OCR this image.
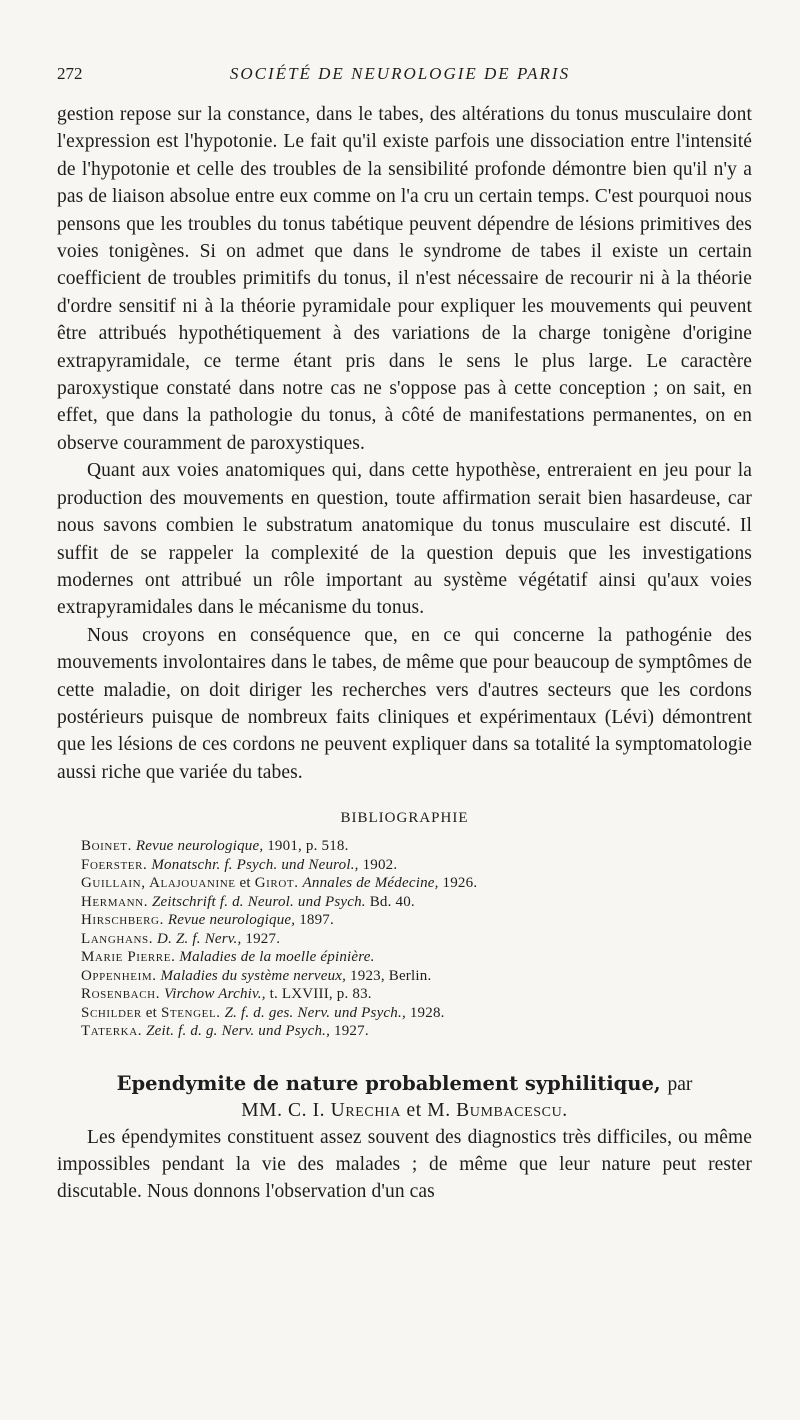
272	SOCIÉTÉ DE NEUROLOGIE DE PARIS

gestion repose sur la constance, dans le tabes, des altérations du tonus musculaire dont l'expression est l'hypotonie. Le fait qu'il existe parfois une dissociation entre l'intensité de l'hypotonie et celle des troubles de la sensibilité profonde démontre bien qu'il n'y a pas de liaison absolue entre eux comme on l'a cru un certain temps. C'est pourquoi nous pensons que les troubles du tonus tabétique peuvent dépendre de lésions primitives des voies tonigènes. Si on admet que dans le syndrome de tabes il existe un certain coefficient de troubles primitifs du tonus, il n'est nécessaire de recourir ni à la théorie d'ordre sensitif ni à la théorie pyramidale pour expliquer les mouvements qui peuvent être attribués hypothétiquement à des variations de la charge tonigène d'origine extrapyramidale, ce terme étant pris dans le sens le plus large. Le caractère paroxystique constaté dans notre cas ne s'oppose pas à cette conception ; on sait, en effet, que dans la pathologie du tonus, à côté de manifestations permanentes, on en observe couramment de paroxystiques.

Quant aux voies anatomiques qui, dans cette hypothèse, entreraient en jeu pour la production des mouvements en question, toute affirmation serait bien hasardeuse, car nous savons combien le substratum anatomique du tonus musculaire est discuté. Il suffit de se rappeler la complexité de la question depuis que les investigations modernes ont attribué un rôle important au système végétatif ainsi qu'aux voies extrapyramidales dans le mécanisme du tonus.

Nous croyons en conséquence que, en ce qui concerne la pathogénie des mouvements involontaires dans le tabes, de même que pour beaucoup de symptômes de cette maladie, on doit diriger les recherches vers d'autres secteurs que les cordons postérieurs puisque de nombreux faits cliniques et expérimentaux (Lévi) démontrent que les lésions de ces cordons ne peuvent expliquer dans sa totalité la symptomatologie aussi riche que variée du tabes.

BIBLIOGRAPHIE
Boinet. Revue neurologique, 1901, p. 518.
Foerster. Monatschr. f. Psych. und Neurol., 1902.
Guillain, Alajouanine et Girot. Annales de Médecine, 1926.
Hermann. Zeitschrift f. d. Neurol. und Psych. Bd. 40.
Hirschberg. Revue neurologique, 1897.
Langhans. D. Z. f. Nerv., 1927.
Marie Pierre. Maladies de la moelle épinière.
Oppenheim. Maladies du système nerveux, 1923, Berlin.
Rosenbach. Virchow Archiv., t. LXVIII, p. 83.
Schilder et Stengel. Z. f. d. ges. Nerv. und Psych., 1928.
Taterka. Zeit. f. d. g. Nerv. und Psych., 1927.
Ependymite de nature probablement syphilitique, par
MM. C. I. Urechia et M. Bumbacescu.

Les épendymites constituent assez souvent des diagnostics très difficiles, ou même impossibles pendant la vie des malades ; de même que leur nature peut rester discutable. Nous donnons l'observation d'un cas
